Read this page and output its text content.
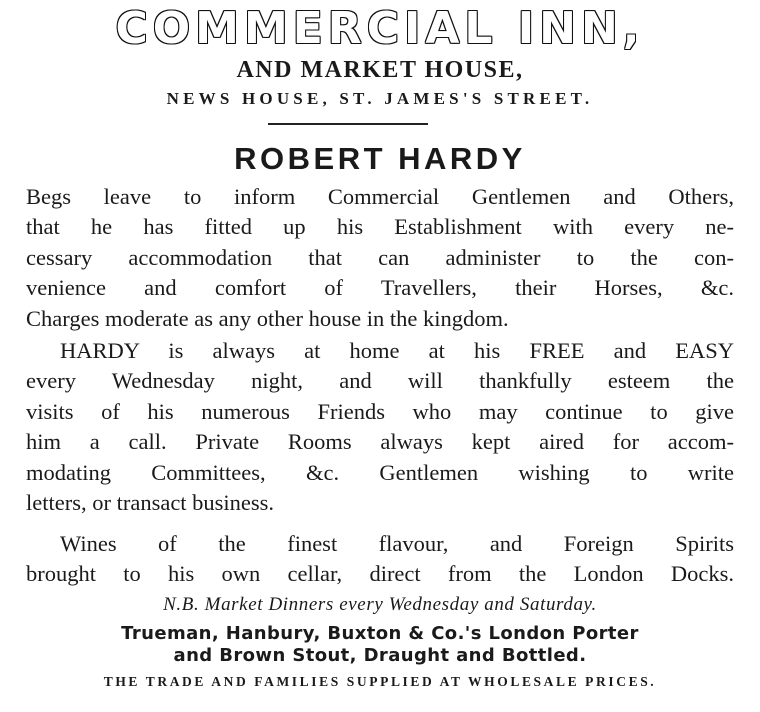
COMMERCIAL INN,
AND MARKET HOUSE,
NEWS HOUSE, ST. JAMES'S STREET.
ROBERT HARDY
Begs leave to inform Commercial Gentlemen and Others,
that he has fitted up his Establishment with every ne-
cessary accommodation that can administer to the con-
venience and comfort of Travellers, their Horses, &c.
Charges moderate as any other house in the kingdom.
HARDY is always at home at his FREE and EASY
every Wednesday night, and will thankfully esteem the
visits of his numerous Friends who may continue to give
him a call. Private Rooms always kept aired for accom-
modating Committees, &c. Gentlemen wishing to write
letters, or transact business.
Wines of the finest flavour, and Foreign Spirits
brought to his own cellar, direct from the London Docks.
N.B. Market Dinners every Wednesday and Saturday.
Trueman, Hanbury, Buxton & Co.'s London Porter
and Brown Stout, Draught and Bottled.
THE TRADE AND FAMILIES SUPPLIED AT WHOLESALE PRICES.
